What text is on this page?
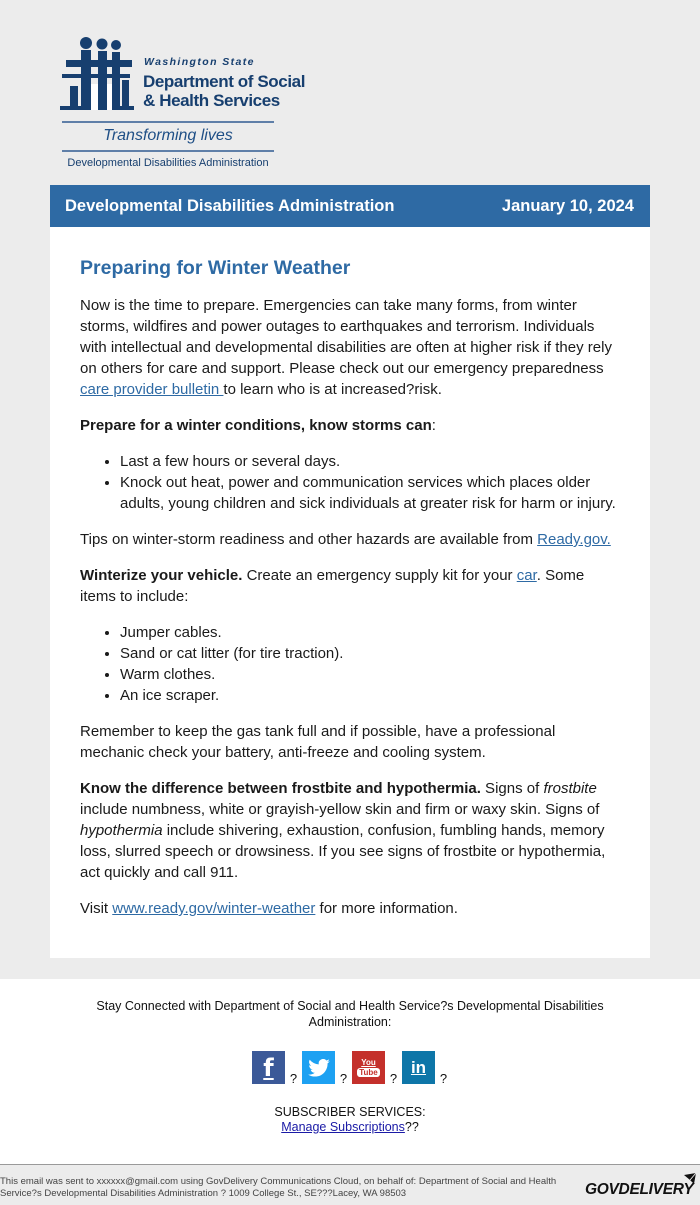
Washington State
Department of Social
& Health Services
Transforming lives
Developmental Disabilities Administration
Developmental Disabilities Administration	January 10, 2024
Preparing for Winter Weather

Now is the time to prepare. Emergencies can take many forms, from winter storms, wildfires and power outages to earthquakes and terrorism. Individuals with intellectual and developmental disabilities are often at higher risk if they rely on others for care and support. Please check out our emergency preparedness care provider bulletin to learn who is at increased?risk.

Prepare for a winter conditions, know storms can:

• Last a few hours or several days.
• Knock out heat, power and communication services which places older adults, young children and sick individuals at greater risk for harm or injury.

Tips on winter-storm readiness and other hazards are available from Ready.gov.

Winterize your vehicle. Create an emergency supply kit for your car. Some items to include:

• Jumper cables.
• Sand or cat litter (for tire traction).
• Warm clothes.
• An ice scraper.

Remember to keep the gas tank full and if possible, have a professional mechanic check your battery, anti-freeze and cooling system.

Know the difference between frostbite and hypothermia. Signs of frostbite include numbness, white or grayish-yellow skin and firm or waxy skin. Signs of hypothermia include shivering, exhaustion, confusion, fumbling hands, memory loss, slurred speech or drowsiness. If you see signs of frostbite or hypothermia, act quickly and call 911.

Visit www.ready.gov/winter-weather for more information.

Stay Connected with Department of Social and Health Service?s Developmental Disabilities Administration:
f	?	?
You
Tube ?
in
?
SUBSCRIBER SERVICES:
Manage Subscriptions??
This email was sent to xxxxxx@gmail.com using GovDelivery Communications Cloud, on behalf of: Department of Social and Health Service?s Developmental Disabilities Administration ? 1009 College St., SE???Lacey, WA 98503	GOVDELIVERY
